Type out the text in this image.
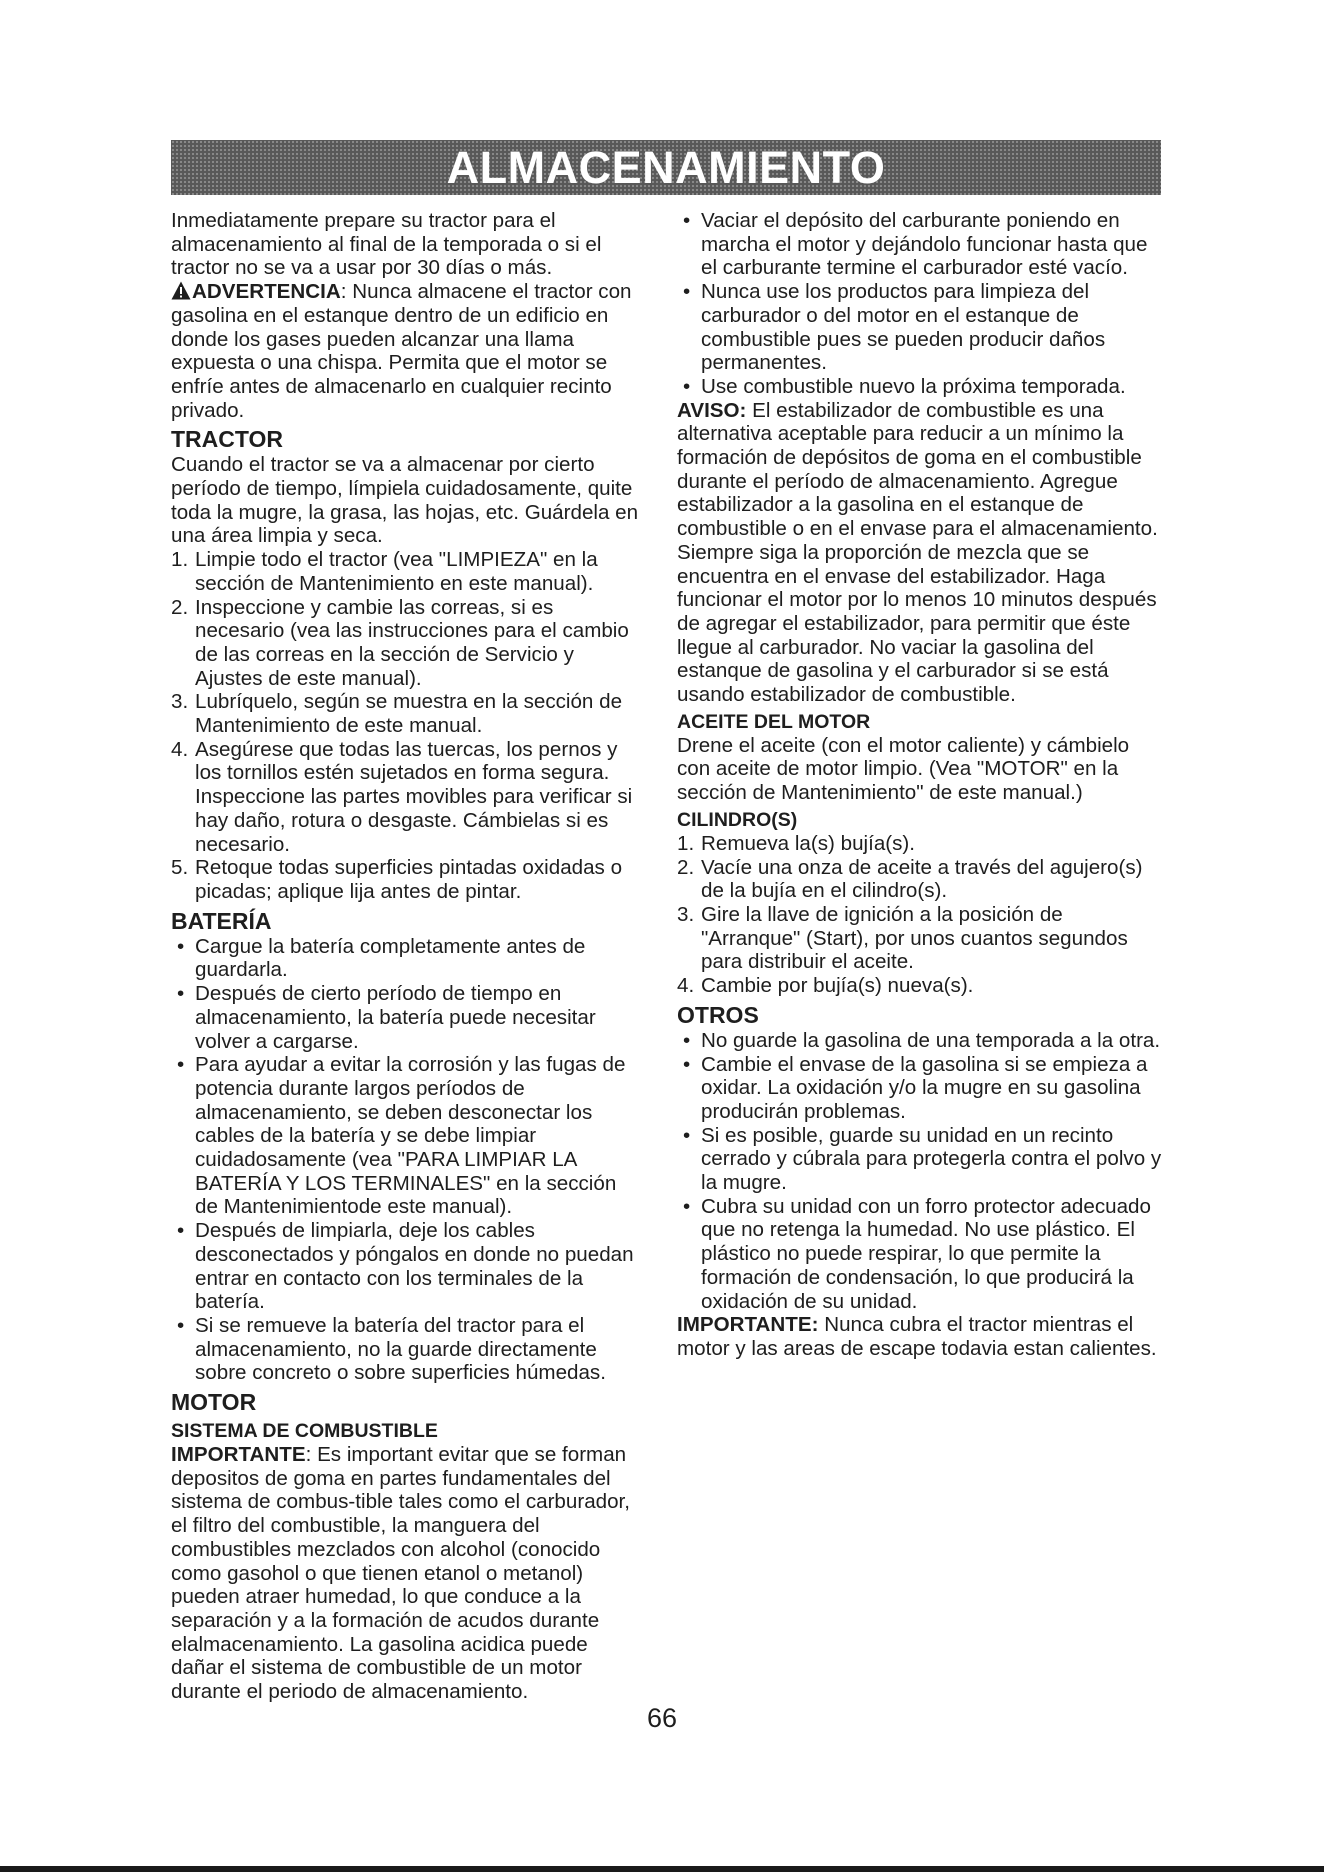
ALMACENAMIENTO

Inmediatamente prepare su tractor para el almacenamiento al final de la temporada o si el tractor no se va a usar por 30 días o más.

ADVERTENCIA: Nunca almacene el tractor con gasolina en el estanque dentro de un edificio en donde los gases pueden alcanzar una llama expuesta o una chispa. Permita que el motor se enfríe antes de almacenarlo en cualquier recinto privado.

TRACTOR

Cuando el tractor se va a almacenar por cierto período de tiempo, límpiela cuidadosamente, quite toda la mugre, la grasa, las hojas, etc. Guárdela en una área limpia y seca.

1. Limpie todo el tractor (vea "LIMPIEZA" en la sección de Mantenimiento en este manual).
2. Inspeccione y cambie las correas, si es necesario (vea las instrucciones para el cambio de las correas en la sección de Servicio y Ajustes de este manual).
3. Lubríquelo, según se muestra en la sección de Mantenimiento de este manual.
4. Asegúrese que todas las tuercas, los pernos y los tornillos estén sujetados en forma segura. Inspeccione las partes movibles para verificar si hay daño, rotura o desgaste. Cámbielas si es necesario.
5. Retoque todas superficies pintadas oxidadas o picadas; aplique lija antes de pintar.
BATERÍA
• Cargue la batería completamente antes de guardarla.
• Después de cierto período de tiempo en almacenamiento, la batería puede necesitar volver a cargarse.
• Para ayudar a evitar la corrosión y las fugas de potencia durante largos períodos de almacenamiento, se deben desconectar los cables de la batería y se debe limpiar cuidadosamente (vea "PARA LIMPIAR LA BATERÍA Y LOS TERMINALES" en la sección de Mantenimientode este manual).
• Después de limpiarla, deje los cables desconectados y póngalos en donde no puedan entrar en contacto con los terminales de la batería.
• Si se remueve la batería del tractor para el almacenamiento, no la guarde directamente sobre concreto o sobre superficies húmedas.
MOTOR
SISTEMA DE COMBUSTIBLE

IMPORTANTE: Es important evitar que se forman depositos de goma en partes fundamentales del sistema de combus-tible tales como el carburador, el filtro del combustible, la manguera del combustibles mezclados con alcohol (conocido como gasohol o que tienen etanol o metanol) pueden atraer humedad, lo que conduce a la separación y a la formación de acudos durante elalmacenamiento. La gasolina acidica puede dañar el sistema de combustible de un motor durante el periodo de almacenamiento.

• Vaciar el depósito del carburante poniendo en marcha el motor y dejándolo funcionar hasta que el carburante termine el carburador esté vacío.
• Nunca use los productos para limpieza del carburador o del motor en el estanque de combustible pues se pueden producir daños permanentes.
• Use combustible nuevo la próxima temporada.

AVISO: El estabilizador de combustible es una alternativa aceptable para reducir a un mínimo la formación de depósitos de goma en el combustible durante el período de almacenamiento. Agregue estabilizador a la gasolina en el estanque de combustible o en el envase para el almacenamiento. Siempre siga la proporción de mezcla que se encuentra en el envase del estabilizador. Haga funcionar el motor por lo menos 10 minutos después de agregar el estabilizador, para permitir que éste llegue al carburador. No vaciar la gasolina del estanque de gasolina y el carburador si se está usando estabilizador de combustible.

ACEITE DEL MOTOR

Drene el aceite (con el motor caliente) y cámbielo con aceite de motor limpio. (Vea "MOTOR" en la sección de Mantenimiento" de este manual.)

CILINDRO(S)
1. Remueva la(s) bujía(s).
2. Vacíe una onza de aceite a través del agujero(s) de la bujía en el cilindro(s).
3. Gire la llave de ignición a la posición de "Arranque" (Start), por unos cuantos segundos para distribuir el aceite.
4. Cambie por bujía(s) nueva(s).
OTROS
• No guarde la gasolina de una temporada a la otra.
• Cambie el envase de la gasolina si se empieza a oxidar. La oxidación y/o la mugre en su gasolina producirán problemas.
• Si es posible, guarde su unidad en un recinto cerrado y cúbrala para protegerla contra el polvo y la mugre.
• Cubra su unidad con un forro protector adecuado que no retenga la humedad. No use plástico. El plástico no puede respirar, lo que permite la formación de condensación, lo que producirá la oxidación de su unidad.

IMPORTANTE: Nunca cubra el tractor mientras el motor y las areas de escape todavia estan calientes.

66
